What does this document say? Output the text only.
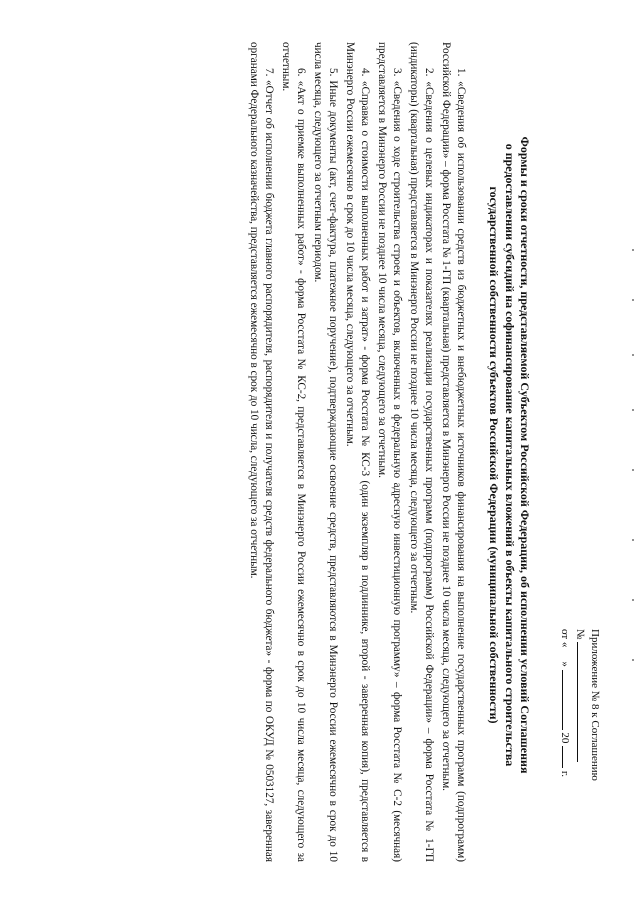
Приложение № 8 к Соглашению
№
от «    »  20  г.
Формы и сроки отчетности, представляемой Субъектом Российской Федерации, об исполнении условий Соглашения
о предоставлении субсидий на софинансирование капитальных вложений в объекты капитального строительства
государственной собственности субъектов Российской Федерации (муниципальной собственности)

1. «Сведения об использовании средств из бюджетных и внебюджетных источников финансирования на выполнение государственных программ (подпрограмм) Российской Федерации» – форма Росстата № 1-ГП (квартальная) представляется в Минэнерго России не позднее 10 числа месяца, следующего за отчетным.

2. «Сведения о целевых индикаторах и показателях реализации государственных программ (подпрограмм) Российской Федерации» – форма Росстата № 1-ГП (индикаторы) (квартальная) представляется в Минэнерго России не позднее 10 числа месяца, следующего за отчетным.

3. «Сведения о ходе строительства строек и объектов, включенных в федеральную адресную инвестиционную программу» – форма Росстата № С-2 (месячная) представляется в Минэнерго России не позднее 10 числа месяца, следующего за отчетным.

4. «Справка о стоимости выполненных работ и затрат» - форма Росстата № КС-3 (один экземпляр в подлиннике, второй - заверенная копия), представляется в Минэнерго России ежемесячно в срок до 10 числа месяца, следующего за отчетным.

5. Иные документы (акт, счет-фактура, платежное поручение), подтверждающие освоение средств, представляются в Минэнерго России ежемесячно в срок до 10 числа месяца, следующего за отчетным периодом.

6. «Акт о приемке выполненных работ» - форма Росстата № КС-2, представляется в Минэнерго России ежемесячно в срок до 10 числа месяца, следующего за отчетным.

7. «Отчет об исполнении бюджета главного распорядителя, распорядителя и получателя средств федерального бюджета» - форма по ОКУД № 0503127, заверенная органами Федерального казначейства, представляется ежемесячно в срок до 10 числа, следующего за отчетным.
